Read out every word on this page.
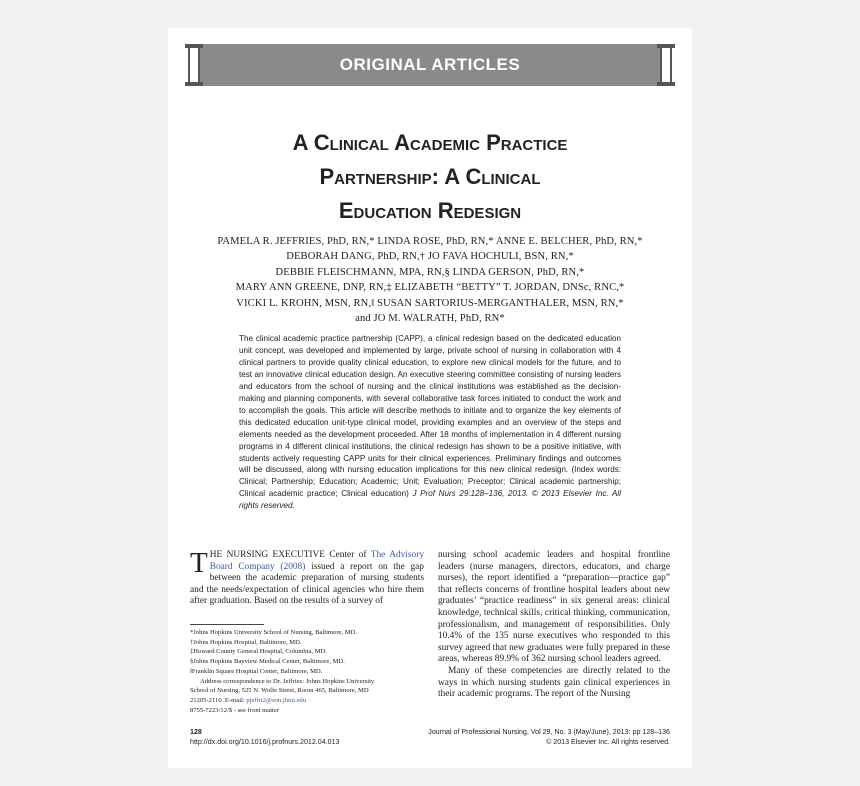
ORIGINAL ARTICLES
A Clinical Academic Practice
Partnership: A Clinical
Education Redesign
PAMELA R. JEFFRIES, PhD, RN,* LINDA ROSE, PhD, RN,* ANNE E. BELCHER, PhD, RN,*
DEBORAH DANG, PhD, RN,† JO FAVA HOCHULI, BSN, RN,*
DEBBIE FLEISCHMANN, MPA, RN,§ LINDA GERSON, PhD, RN,*
MARY ANN GREENE, DNP, RN,‡ ELIZABETH “BETTY” T. JORDAN, DNSc, RNC,*
VICKI L. KROHN, MSN, RN,‖ SUSAN SARTORIUS-MERGANTHALER, MSN, RN,*
and JO M. WALRATH, PhD, RN*
The clinical academic practice partnership (CAPP), a clinical redesign based on the dedicated education unit concept, was developed and implemented by large, private school of nursing in collaboration with 4 clinical partners to provide quality clinical education, to explore new clinical models for the future, and to test an innovative clinical education design. An executive steering committee consisting of nursing leaders and educators from the school of nursing and the clinical institutions was established as the decision-making and planning components, with several collaborative task forces initiated to conduct the work and to accomplish the goals. This article will describe methods to initiate and to organize the key elements of this dedicated education unit-type clinical model, providing examples and an overview of the steps and elements needed as the development proceeded. After 18 months of implementation in 4 different nursing programs in 4 different clinical institutions, the clinical redesign has shown to be a positive initiative, with students actively requesting CAPP units for their clinical experiences. Preliminary findings and outcomes will be discussed, along with nursing education implications for this new clinical redesign. (Index words: Clinical; Partnership; Education; Academic; Unit; Evaluation; Preceptor; Clinical academic partnership; Clinical academic practice; Clinical education) J Prof Nurs 29:128–136, 2013. © 2013 Elsevier Inc. All rights reserved.
THE NURSING EXECUTIVE Center of The Advisory Board Company (2008) issued a report on the gap between the academic preparation of nursing students and the needs/expectation of clinical agencies who hire them after graduation. Based on the results of a survey of
nursing school academic leaders and hospital frontline leaders (nurse managers, directors, educators, and charge nurses), the report identified a “preparation—practice gap” that reflects concerns of frontline hospital leaders about new graduates’ “practice readiness” in six general areas: clinical knowledge, technical skills, critical thinking, communication, professionalism, and management of responsibilities. Only 10.4% of the 135 nurse executives who responded to this survey agreed that new graduates were fully prepared in these areas, whereas 89.9% of 362 nursing school leaders agreed.
Many of these competencies are directly related to the ways in which nursing students gain clinical experiences in their academic programs. The report of the Nursing
*Johns Hopkins University School of Nursing, Baltimore, MD.
†Johns Hopkins Hospital, Baltimore, MD.
‡Howard County General Hospital, Columbia, MD.
§Johns Hopkins Bayview Medical Center, Baltimore, MD.
‖Franklin Square Hospital Center, Baltimore, MD.
Address correspondence to Dr. Jeffries: Johns Hopkins University
School of Nursing, 525 N. Wolfe Street, Room 465, Baltimore, MD
21205-2110. E-mail: pjeffri2@son.jhmi.edu
8755-7223/12/$ - see front matter
128
http://dx.doi.org/10.1016/j.profnurs.2012.04.013
Journal of Professional Nursing, Vol 29, No. 3 (May/June), 2013: pp 128–136
© 2013 Elsevier Inc. All rights reserved.
